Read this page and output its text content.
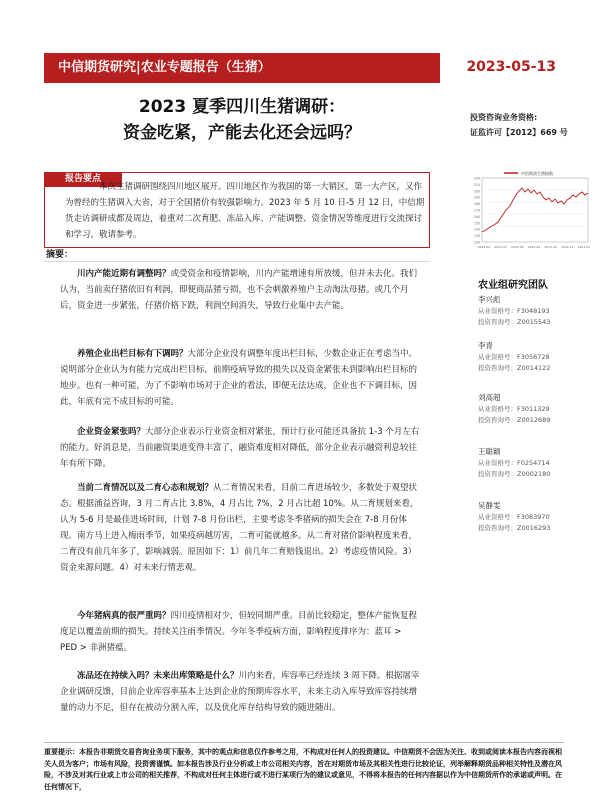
中信期货研究|农业专题报告（生猪）	2023-05-13
2023 夏季四川生猪调研：
资金吃紧，产能去化还会远吗？
投资咨询业务资格:
证监许可【2012】669 号
中信期货生猪指数
220
210
200
190
180
170
160
150
140
130
120
2022-06 2022-07 2022-08 2022-09 2022-10 2022-11 2023-01
报告要点
本次生猪调研围绕四川地区展开。四川地区作为我国的第一大销区，第一大产区，又作为曾经的生猪调入大省，对于全国猪价有较强影响力。2023 年 5 月 10 日-5 月 12 日，中信期货走访调研成都及周边，着重对二次育肥、冻品入库、产能调整、资金情况等维度进行交流探讨和学习。敬请参考。
摘要：
川内产能近期有调整吗？或受资金和疫情影响，川内产能增速有所放缓，但并未去化。我们认为，当前卖仔猪依旧有利润，即便商品猪亏损，也不会刺激养殖户主动淘汰母猪。或几个月后，资金进一步紧张，仔猪价格下跌，利润空间消失，导致行业集中去产能。
养殖企业出栏目标有下调吗？大部分企业没有调整年度出栏目标，少数企业正在考虑当中。说明部分企业认为有能力完成出栏目标，前期疫病导致的损失以及资金紧张未到影响出栏目标的地步。也有一种可能，为了不影响市场对于企业的看法，即便无法达成，企业也不下调目标，因此，年底有完不成目标的可能。
企业资金紧张吗？大部分企业表示行业资金相对紧张，预计行业可能还具备抗 1-3 个月左右的能力。好消息是，当前融资渠道变得丰富了，融资难度相对降低，部分企业表示融资利息较往年有所下降。
当前二育情况以及二育心态和规划？从二育情况来看，目前二育进场较少，多数处于观望状态。根据涌益咨询，3 月二育占比 3.8%，4 月占比 7%，2 月占比超 10%。从二育规划来看，认为 5-6 月是最佳进场时间，计划 7-8 月份出栏，主要考虑冬季猪病的损失会在 7-8 月份体现。南方马上进入梅雨季节，如果疫病越厉害，二育可能就越多。从二育对猪价影响程度来看，二育没有前几年多了，影响减弱。原因如下：1）前几年二育赔钱退出。2）考虑疫情风险。3）资金来源问题。4）对未来行情悲观。
今年猪病真的很严重吗？四川疫情相对少，但较同期严重。目前比较稳定，整体产能恢复程度足以覆盖前期的损失。持续关注雨季情况。今年冬季疫病方面，影响程度排序为：蓝耳 > PED > 非洲猪瘟。
冻品还在持续入吗？未来出库策略是什么？川内来看，库容率已经连续 3 周下降。根据屠宰企业调研反馈，目前企业库容率基本上达到企业的预期库容水平，未来主动入库导致库容持续增量的动力不足，但存在被动分割入库，以及优化库存结构导致的随进随出。
农业组研究团队
李兴彪
从业资格号：F3048193
投资咨询号：Z0015543
李青
从业资格号：F3056728
投资咨询号：Z0014122
刘高超
从业资格号：F3011329
投资咨询号：Z0012689
王聪颖
从业资格号：F0254714
投资咨询号：Z0002180
吴静雯
从业资格号：F3083970
投资咨询号：Z0016293
重要提示：本报告非期货交易咨询业务项下服务，其中的观点和信息仅作参考之用，不构成对任何人的投资建议。中信期货不会因为关注、收到或阅读本报告内容而视相关人员为客户；市场有风险，投资需谨慎。如本报告涉及行业分析或上市公司相关内容，旨在对期货市场及其相关性进行比较论证，列举解释期货品种相关特性及潜在风险，不涉及对其行业或上市公司的相关推荐，不构成对任何主体进行或不进行某项行为的建议或意见，不得将本报告的任何内容据以作为中信期货所作的承诺或声明。在任何情况下，
